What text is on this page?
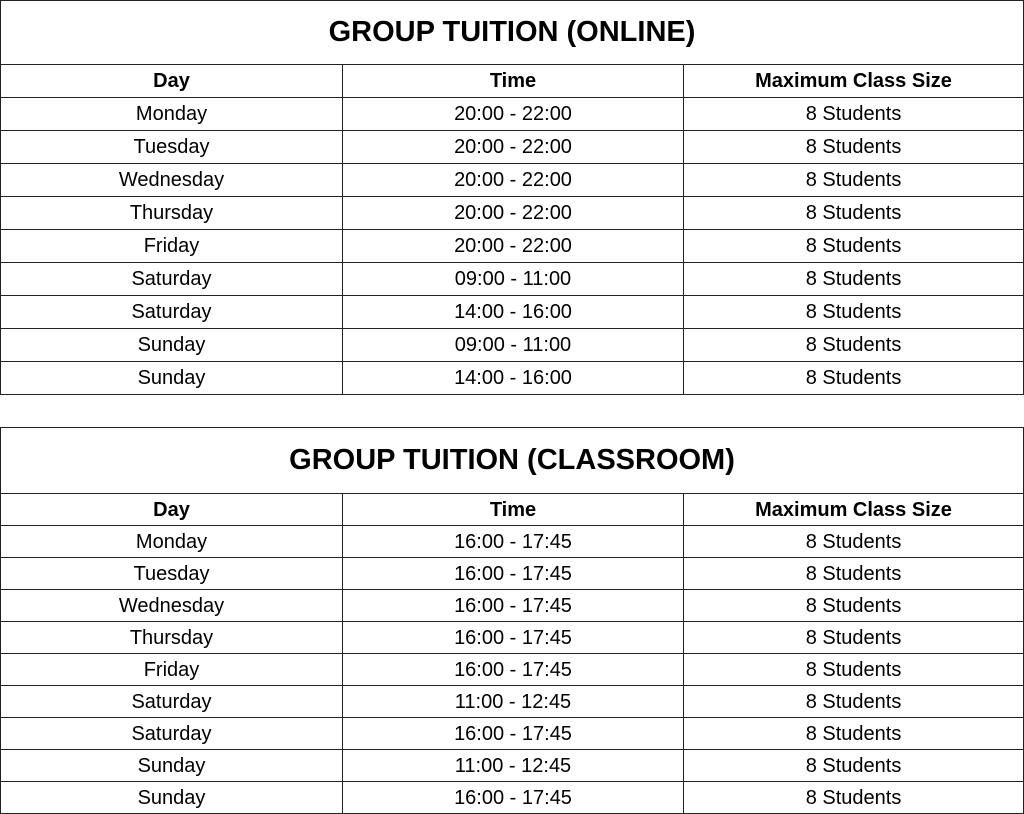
GROUP TUITION (ONLINE)		
Day	Time	Maximum Class Size
Monday	20:00 - 22:00	8 Students
Tuesday	20:00 - 22:00	8 Students
Wednesday	20:00 - 22:00	8 Students
Thursday	20:00 - 22:00	8 Students
Friday	20:00 - 22:00	8 Students
Saturday	09:00 - 11:00	8 Students
Saturday	14:00 - 16:00	8 Students
Sunday	09:00 - 11:00	8 Students
Sunday	14:00 - 16:00	8 Students
GROUP TUITION (CLASSROOM)		
Day	Time	Maximum Class Size
Monday	16:00 - 17:45	8 Students
Tuesday	16:00 - 17:45	8 Students
Wednesday	16:00 - 17:45	8 Students
Thursday	16:00 - 17:45	8 Students
Friday	16:00 - 17:45	8 Students
Saturday	11:00 - 12:45	8 Students
Saturday	16:00 - 17:45	8 Students
Sunday	11:00 - 12:45	8 Students
Sunday	16:00 - 17:45	8 Students
